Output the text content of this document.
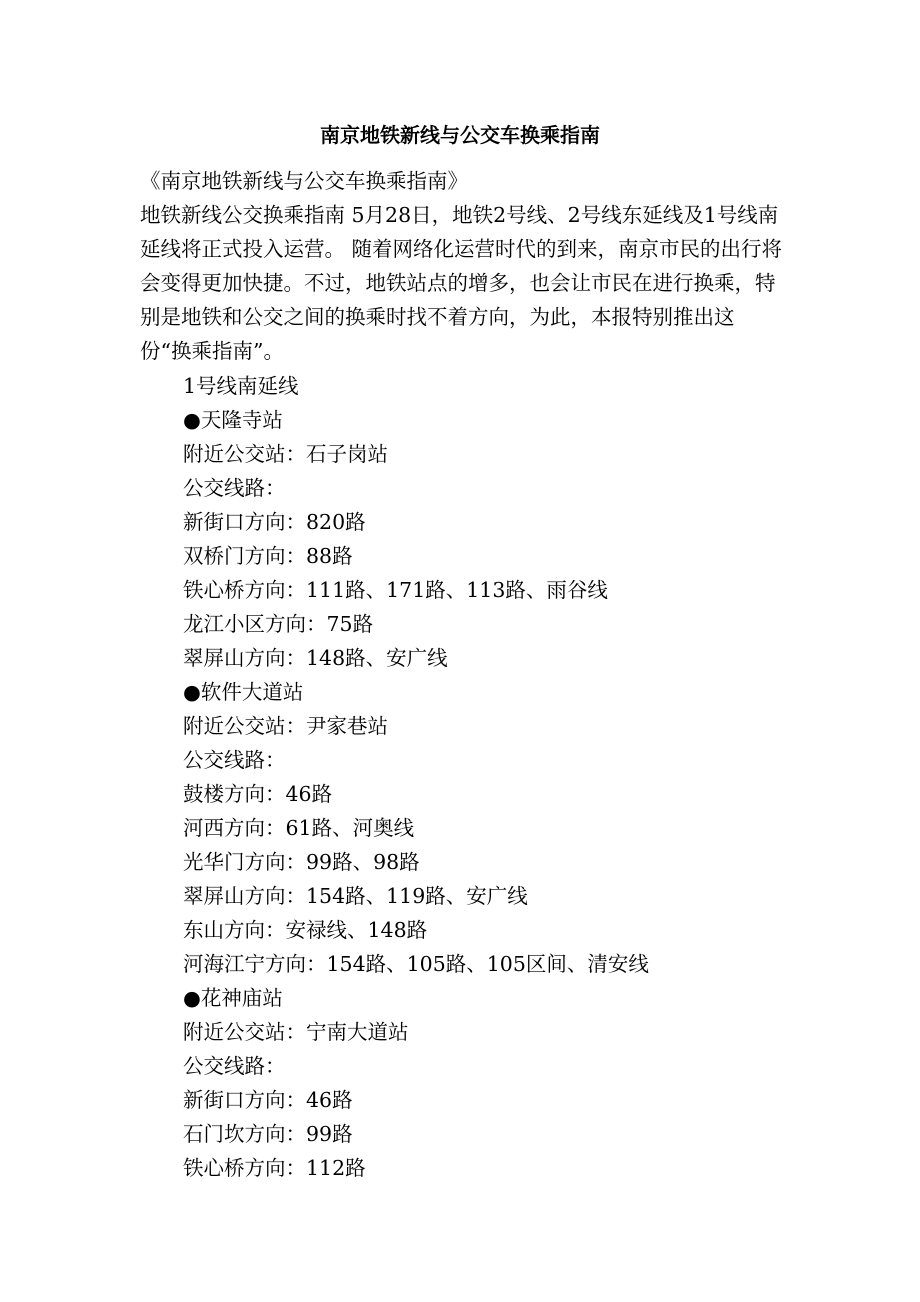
南京地铁新线与公交车换乘指南

《南京地铁新线与公交车换乘指南》

地铁新线公交换乘指南 5月28日，地铁2号线、2号线东延线及1号线南延线将正式投入运营。 随着网络化运营时代的到来，南京市民的出行将会变得更加快捷。不过，地铁站点的增多，也会让市民在进行换乘，特别是地铁和公交之间的换乘时找不着方向，为此，本报特别推出这份“换乘指南”。

1号线南延线
●天隆寺站
附近公交站：石子岗站
公交线路：
新街口方向：820路
双桥门方向：88路
铁心桥方向：111路、171路、113路、雨谷线
龙江小区方向：75路
翠屏山方向：148路、安广线
●软件大道站
附近公交站：尹家巷站
公交线路：
鼓楼方向：46路
河西方向：61路、河奥线
光华门方向：99路、98路
翠屏山方向：154路、119路、安广线
东山方向：安禄线、148路
河海江宁方向：154路、105路、105区间、清安线
●花神庙站
附近公交站：宁南大道站
公交线路：
新街口方向：46路
石门坎方向：99路
铁心桥方向：112路
